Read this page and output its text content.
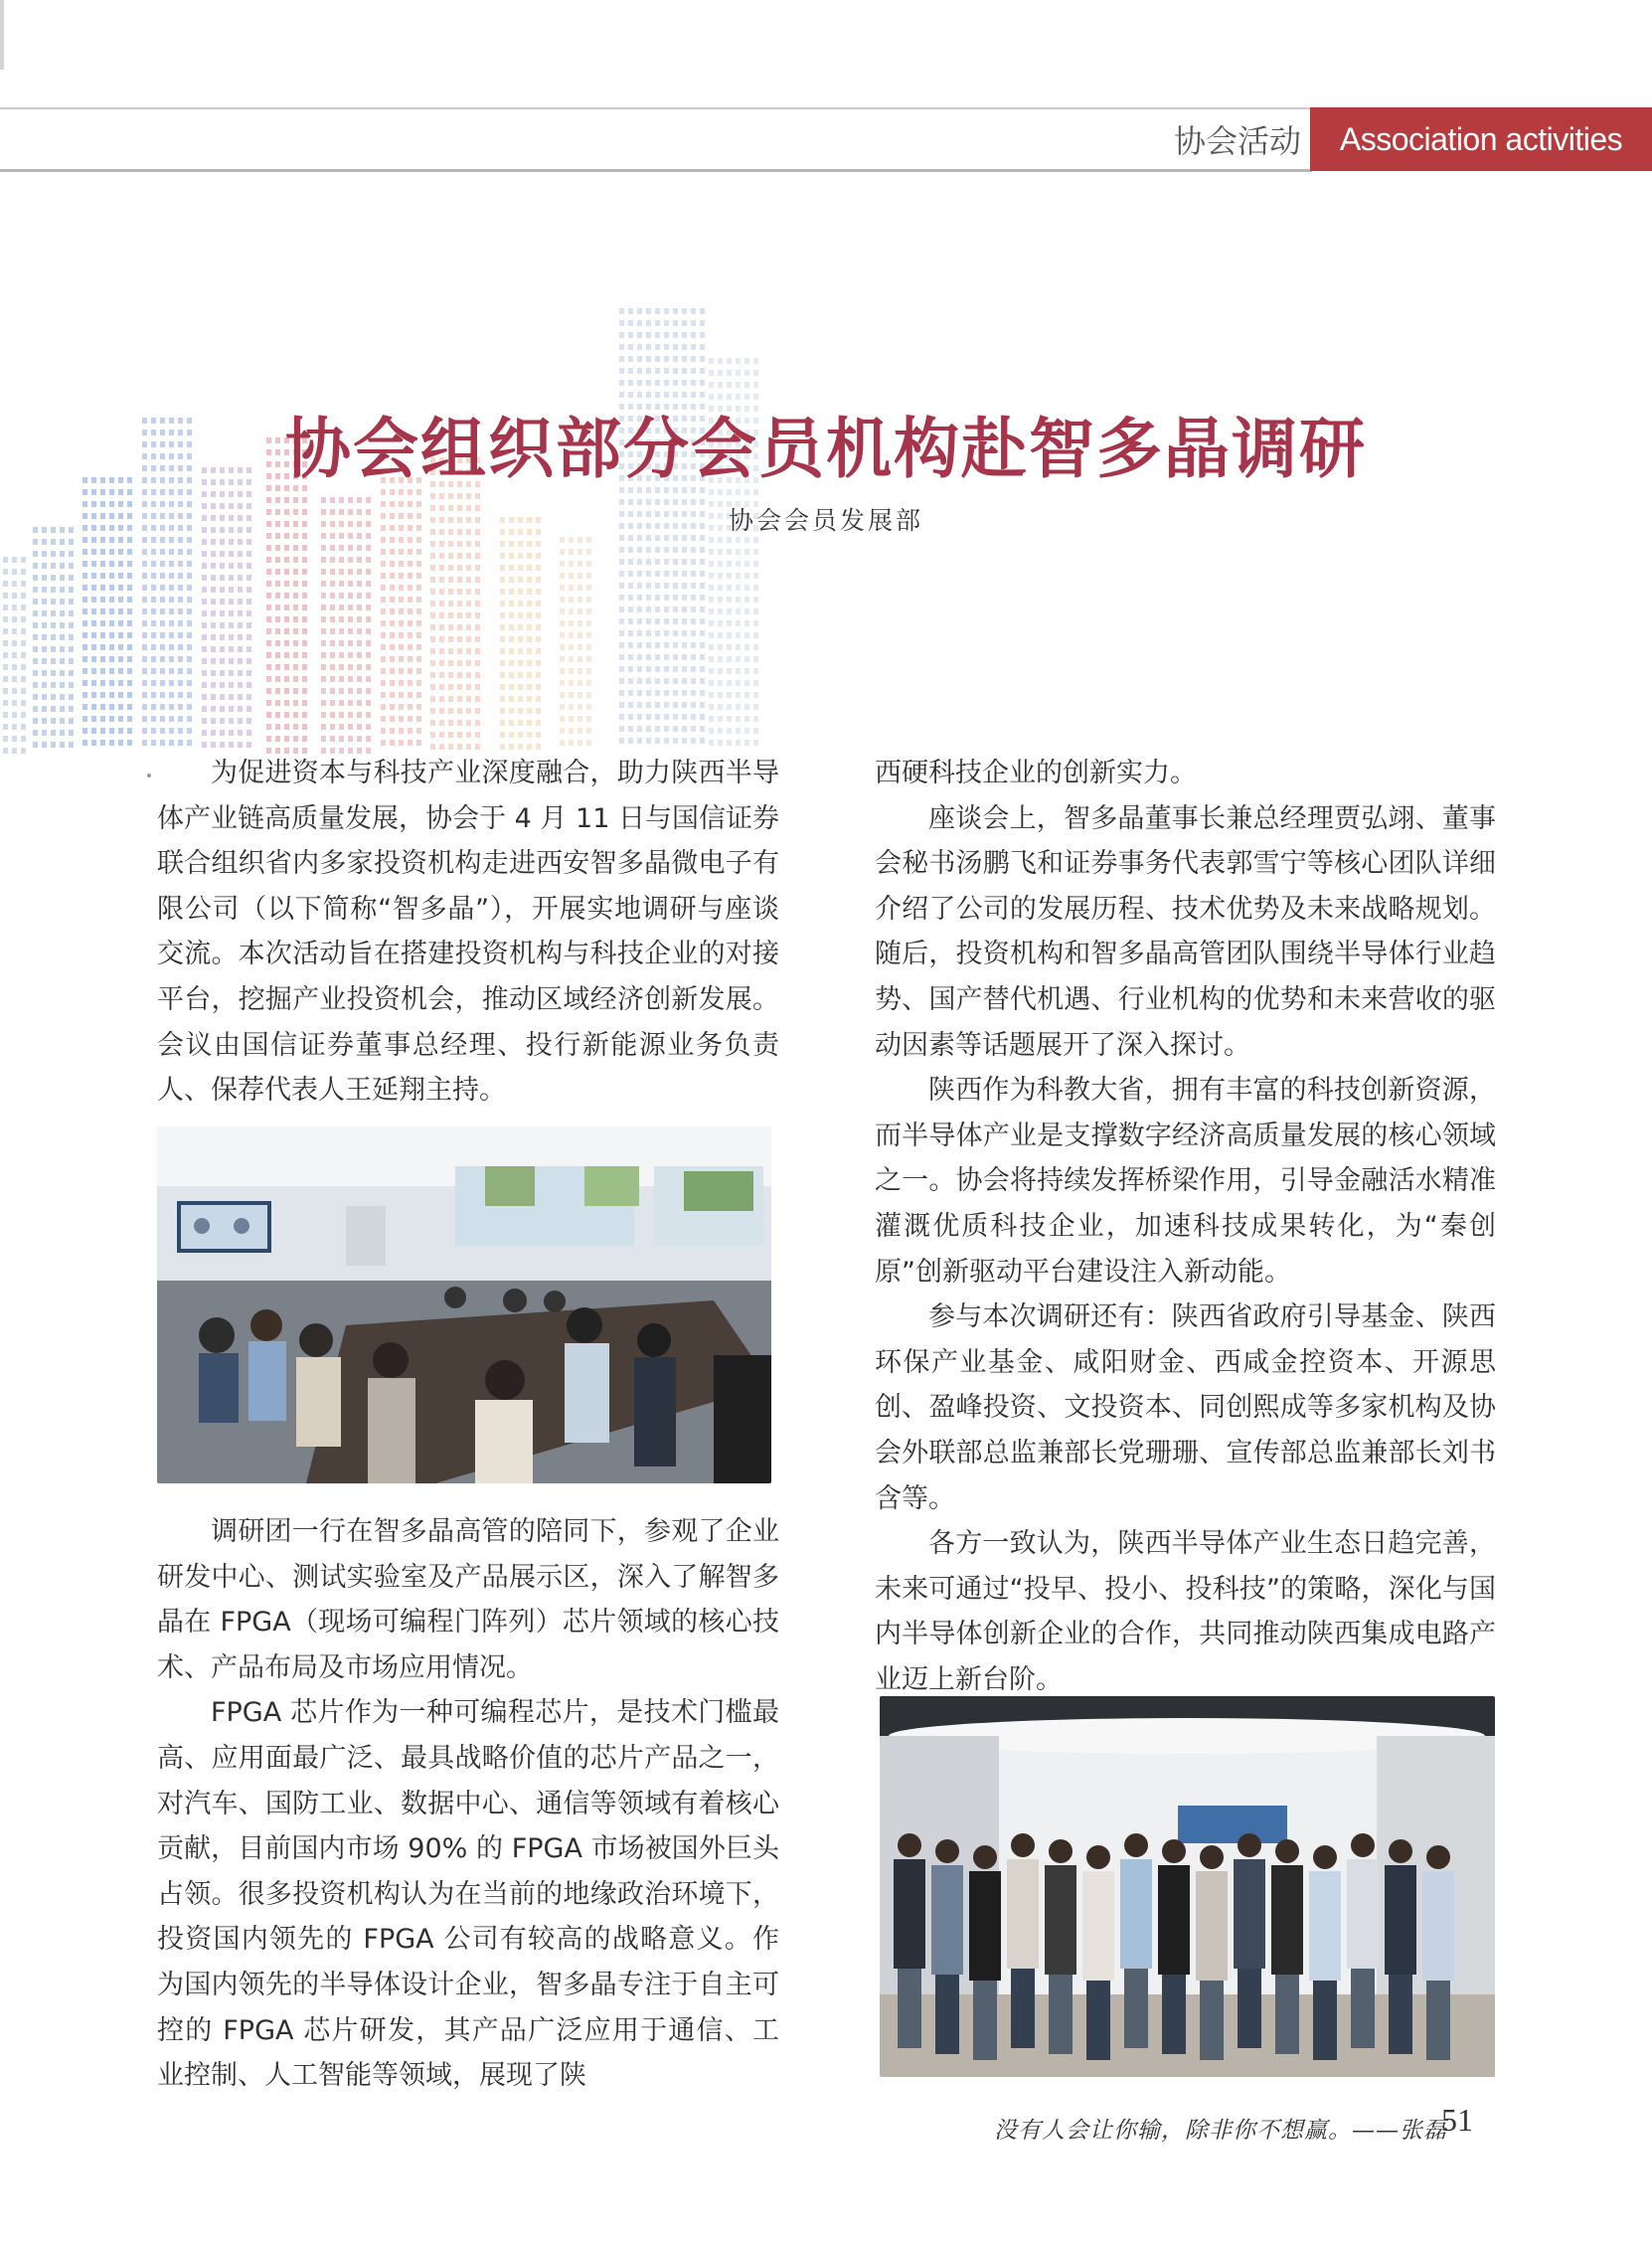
协会活动	Association activities
协会组织部分会员机构赴智多晶调研
协会会员发展部

为促进资本与科技产业深度融合，助力陕西半导体产业链高质量发展，协会于 4 月 11 日与国信证券联合组织省内多家投资机构走进西安智多晶微电子有限公司（以下简称“智多晶”），开展实地调研与座谈交流。本次活动旨在搭建投资机构与科技企业的对接平台，挖掘产业投资机会，推动区域经济创新发展。会议由国信证券董事总经理、投行新能源业务负责人、保荐代表人王延翔主持。

调研团一行在智多晶高管的陪同下，参观了企业研发中心、测试实验室及产品展示区，深入了解智多晶在 FPGA（现场可编程门阵列）芯片领域的核心技术、产品布局及市场应用情况。

FPGA 芯片作为一种可编程芯片，是技术门槛最高、应用面最广泛、最具战略价值的芯片产品之一，对汽车、国防工业、数据中心、通信等领域有着核心贡献，目前国内市场 90% 的 FPGA 市场被国外巨头占领。很多投资机构认为在当前的地缘政治环境下，投资国内领先的 FPGA 公司有较高的战略意义。作为国内领先的半导体设计企业，智多晶专注于自主可控的 FPGA 芯片研发，其产品广泛应用于通信、工业控制、人工智能等领域，展现了陕

西硬科技企业的创新实力。

座谈会上，智多晶董事长兼总经理贾弘翊、董事会秘书汤鹏飞和证券事务代表郭雪宁等核心团队详细介绍了公司的发展历程、技术优势及未来战略规划。随后，投资机构和智多晶高管团队围绕半导体行业趋势、国产替代机遇、行业机构的优势和未来营收的驱动因素等话题展开了深入探讨。

陕西作为科教大省，拥有丰富的科技创新资源，而半导体产业是支撑数字经济高质量发展的核心领域之一。协会将持续发挥桥梁作用，引导金融活水精准灌溉优质科技企业，加速科技成果转化，为“秦创原”创新驱动平台建设注入新动能。

参与本次调研还有：陕西省政府引导基金、陕西环保产业基金、咸阳财金、西咸金控资本、开源思创、盈峰投资、文投资本、同创熙成等多家机构及协会外联部总监兼部长党珊珊、宣传部总监兼部长刘书含等。

各方一致认为，陕西半导体产业生态日趋完善，未来可通过“投早、投小、投科技”的策略，深化与国内半导体创新企业的合作，共同推动陕西集成电路产业迈上新台阶。

没有人会让你输，除非你不想赢。——张磊
51
